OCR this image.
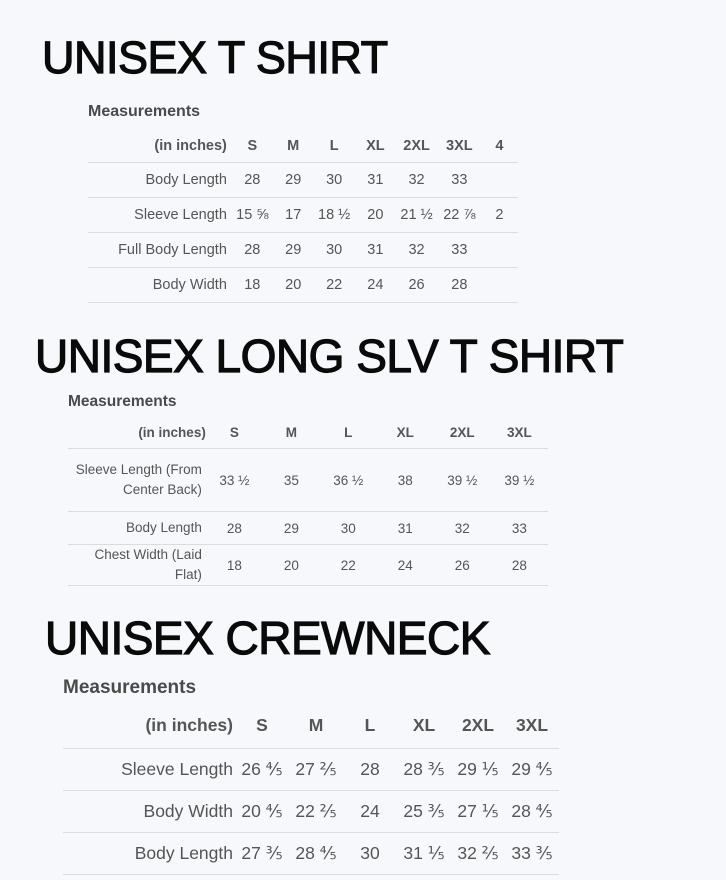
UNISEX T SHIRT
Measurements
(in inches)	S	M	L	XL	2XL	3XL	4
Body Length	28	29	30	31	32	33	
Sleeve Length	15 ⅝	17	18 ½	20	21 ½	22 ⅞	2
Full Body Length	28	29	30	31	32	33	
Body Width	18	20	22	24	26	28	
UNISEX LONG SLV T SHIRT
Measurements
(in inches)	S	M	L	XL	2XL	3XL
Sleeve Length (From Center Back)	33 ½	35	36 ½	38	39 ½	39 ½
Body Length	28	29	30	31	32	33
Chest Width (Laid Flat)	18	20	22	24	26	28
UNISEX CREWNECK
Measurements
(in inches)	S	M	L	XL	2XL	3XL
Sleeve Length	26 ⅘	27 ⅖	28	28 ⅗	29 ⅕	29 ⅘
Body Width	20 ⅘	22 ⅖	24	25 ⅗	27 ⅕	28 ⅘
Body Length	27 ⅗	28 ⅘	30	31 ⅕	32 ⅖	33 ⅗
